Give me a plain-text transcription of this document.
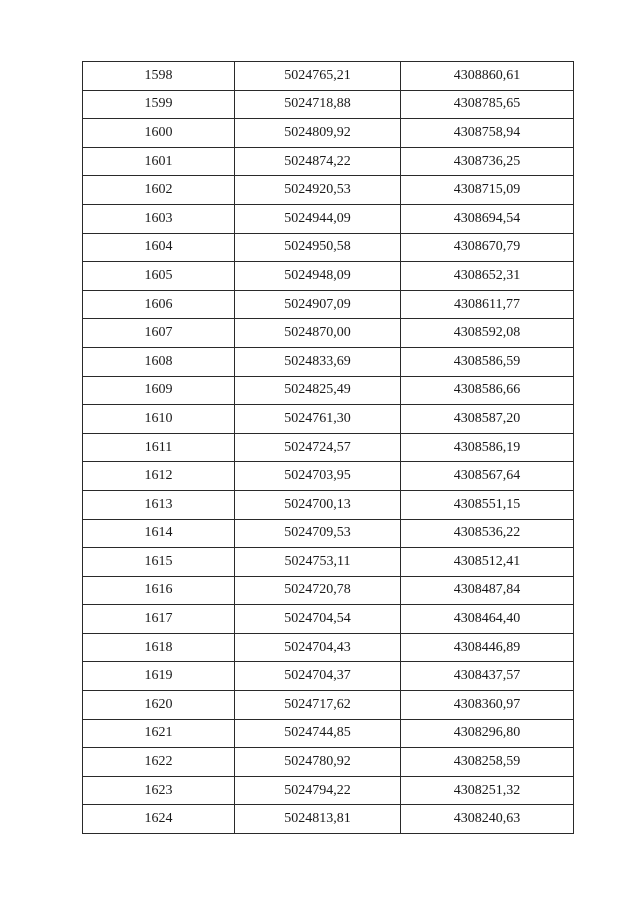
1598	5024765,21	4308860,61
1599	5024718,88	4308785,65
1600	5024809,92	4308758,94
1601	5024874,22	4308736,25
1602	5024920,53	4308715,09
1603	5024944,09	4308694,54
1604	5024950,58	4308670,79
1605	5024948,09	4308652,31
1606	5024907,09	4308611,77
1607	5024870,00	4308592,08
1608	5024833,69	4308586,59
1609	5024825,49	4308586,66
1610	5024761,30	4308587,20
1611	5024724,57	4308586,19
1612	5024703,95	4308567,64
1613	5024700,13	4308551,15
1614	5024709,53	4308536,22
1615	5024753,11	4308512,41
1616	5024720,78	4308487,84
1617	5024704,54	4308464,40
1618	5024704,43	4308446,89
1619	5024704,37	4308437,57
1620	5024717,62	4308360,97
1621	5024744,85	4308296,80
1622	5024780,92	4308258,59
1623	5024794,22	4308251,32
1624	5024813,81	4308240,63
